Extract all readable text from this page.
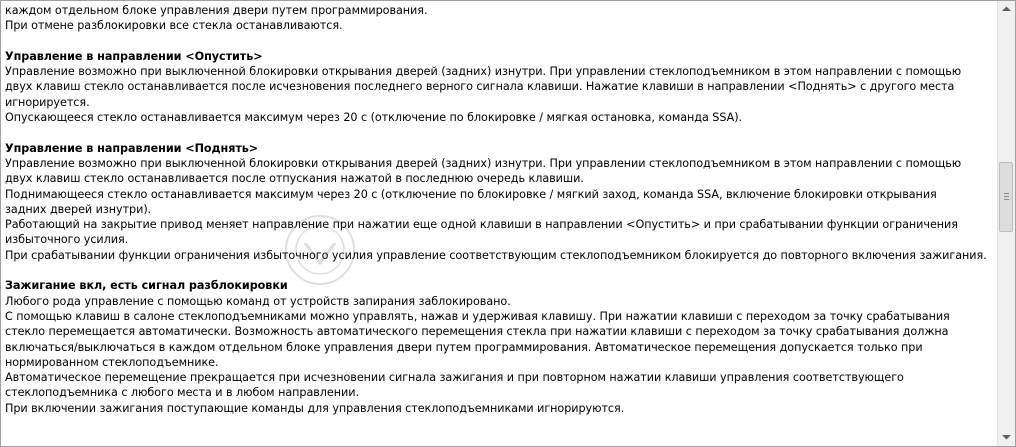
каждом отдельном блоке управления двери путем программирования.

При отмене разблокировки все стекла останавливаются.

Управление в направлении <Опустить>

Управление возможно при выключенной блокировки открывания дверей (задних) изнутри. При управлении стеклоподъемником в этом направлении с помощью

двух клавиш стекло останавливается после исчезновения последнего верного сигнала клавиши. Нажатие клавиши в направлении <Поднять> с другого места

игнорируется.

Опускающееся стекло останавливается максимум через 20 с (отключение по блокировке / мягкая остановка, команда SSA).

Управление в направлении <Поднять>

Управление возможно при выключенной блокировки открывания дверей (задних) изнутри. При управлении стеклоподъемником в этом направлении с помощью

двух клавиш стекло останавливается после отпускания нажатой в последнюю очередь клавиши.

Поднимающееся стекло останавливается максимум через 20 с (отключение по блокировке / мягкий заход, команда SSA, включение блокировки открывания

задних дверей изнутри).

Работающий на закрытие привод меняет направление при нажатии еще одной клавиши в направлении <Опустить> и при срабатывании функции ограничения

избыточного усилия.

При срабатывании функции ограничения избыточного усилия управление соответствующим стеклоподъемником блокируется до повторного включения зажигания.

Зажигание вкл, есть сигнал разблокировки

Любого рода управление с помощью команд от устройств запирания заблокировано.

С помощью клавиш в салоне стеклоподъемниками можно управлять, нажав и удерживая клавишу. При нажатии клавиши с переходом за точку срабатывания

стекло перемещается автоматически. Возможность автоматического перемещения стекла при нажатии клавиши с переходом за точку срабатывания должна

включаться/выключаться в каждом отдельном блоке управления двери путем программирования. Автоматическое перемещения допускается только при

нормированном стеклоподъемнике.

Автоматическое перемещение прекращается при исчезновении сигнала зажигания и при повторном нажатии клавиши управления соответствующего

стеклоподъемника с любого места и в любом направлении.

При включении зажигания поступающие команды для управления стеклоподъемниками игнорируются.
